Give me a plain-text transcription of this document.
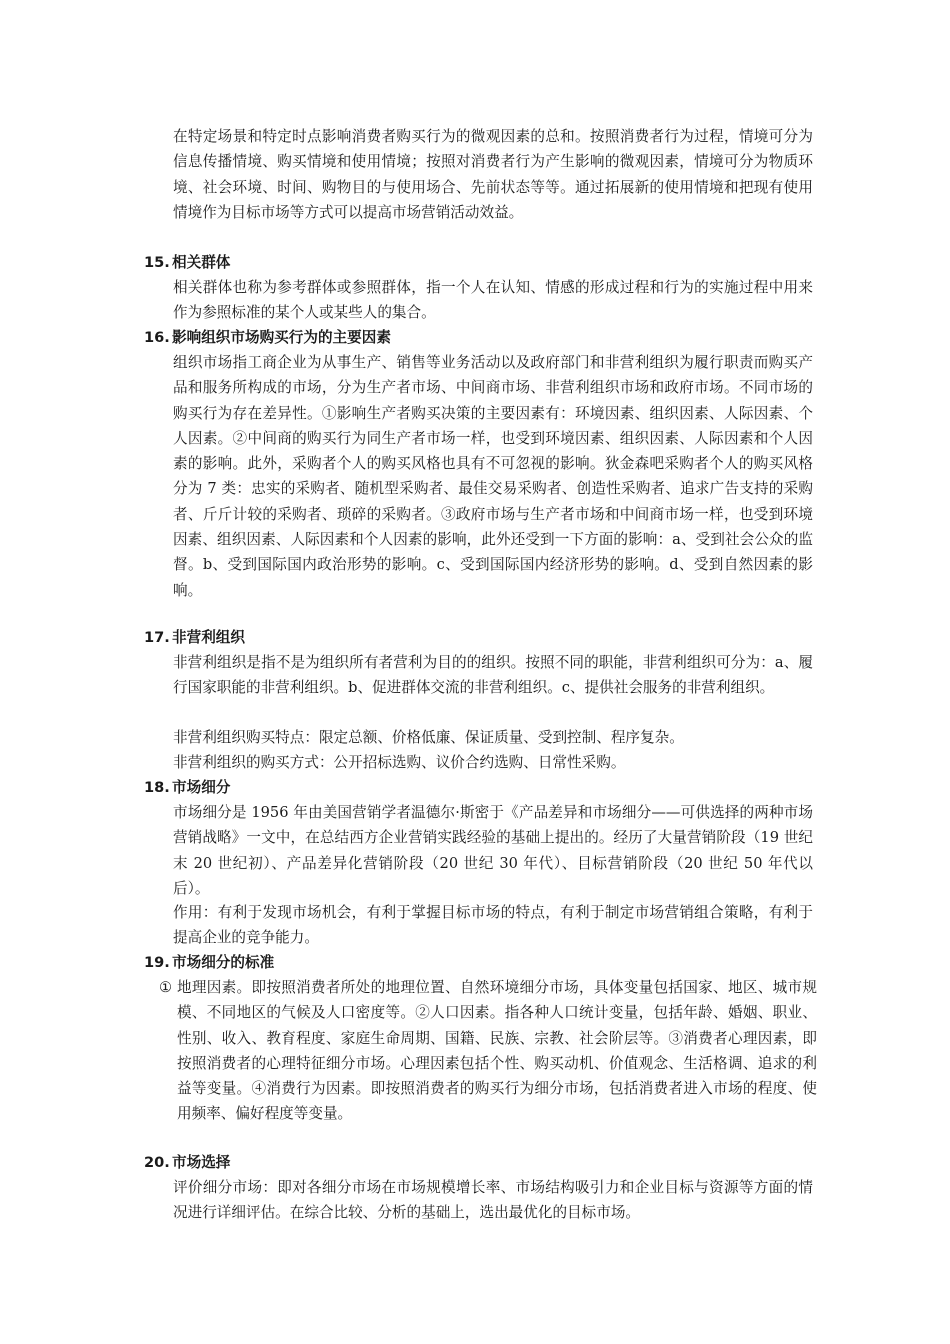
在特定场景和特定时点影响消费者购买行为的微观因素的总和。按照消费者行为过程，情境可分为信息传播情境、购买情境和使用情境；按照对消费者行为产生影响的微观因素，情境可分为物质环境、社会环境、时间、购物目的与使用场合、先前状态等等。通过拓展新的使用情境和把现有使用情境作为目标市场等方式可以提高市场营销活动效益。

15. 相关群体

相关群体也称为参考群体或参照群体，指一个人在认知、情感的形成过程和行为的实施过程中用来作为参照标准的某个人或某些人的集合。

16. 影响组织市场购买行为的主要因素

组织市场指工商企业为从事生产、销售等业务活动以及政府部门和非营利组织为履行职责而购买产品和服务所构成的市场，分为生产者市场、中间商市场、非营利组织市场和政府市场。不同市场的购买行为存在差异性。①影响生产者购买决策的主要因素有：环境因素、组织因素、人际因素、个人因素。②中间商的购买行为同生产者市场一样，也受到环境因素、组织因素、人际因素和个人因素的影响。此外，采购者个人的购买风格也具有不可忽视的影响。狄金森吧采购者个人的购买风格分为 7 类：忠实的采购者、随机型采购者、最佳交易采购者、创造性采购者、追求广告支持的采购者、斤斤计较的采购者、琐碎的采购者。③政府市场与生产者市场和中间商市场一样，也受到环境因素、组织因素、人际因素和个人因素的影响，此外还受到一下方面的影响：a、受到社会公众的监督。b、受到国际国内政治形势的影响。c、受到国际国内经济形势的影响。d、受到自然因素的影响。

17. 非营利组织

非营利组织是指不是为组织所有者营利为目的的组织。按照不同的职能，非营利组织可分为：a、履行国家职能的非营利组织。b、促进群体交流的非营利组织。c、提供社会服务的非营利组织。

非营利组织购买特点：限定总额、价格低廉、保证质量、受到控制、程序复杂。

非营利组织的购买方式：公开招标选购、议价合约选购、日常性采购。

18. 市场细分

市场细分是 1956 年由美国营销学者温德尔·斯密于《产品差异和市场细分——可供选择的两种市场营销战略》一文中，在总结西方企业营销实践经验的基础上提出的。经历了大量营销阶段（19 世纪末 20 世纪初）、产品差异化营销阶段（20 世纪 30 年代）、目标营销阶段（20 世纪 50 年代以后）。

作用：有利于发现市场机会，有利于掌握目标市场的特点，有利于制定市场营销组合策略，有利于提高企业的竞争能力。

19. 市场细分的标准
① 地理因素。即按照消费者所处的地理位置、自然环境细分市场，具体变量包括国家、地区、城市规模、不同地区的气候及人口密度等。②人口因素。指各种人口统计变量，包括年龄、婚姻、职业、性别、收入、教育程度、家庭生命周期、国籍、民族、宗教、社会阶层等。③消费者心理因素，即按照消费者的心理特征细分市场。心理因素包括个性、购买动机、价值观念、生活格调、追求的利益等变量。④消费行为因素。即按照消费者的购买行为细分市场，包括消费者进入市场的程度、使用频率、偏好程度等变量。

20. 市场选择

评价细分市场：即对各细分市场在市场规模增长率、市场结构吸引力和企业目标与资源等方面的情况进行详细评估。在综合比较、分析的基础上，选出最优化的目标市场。
